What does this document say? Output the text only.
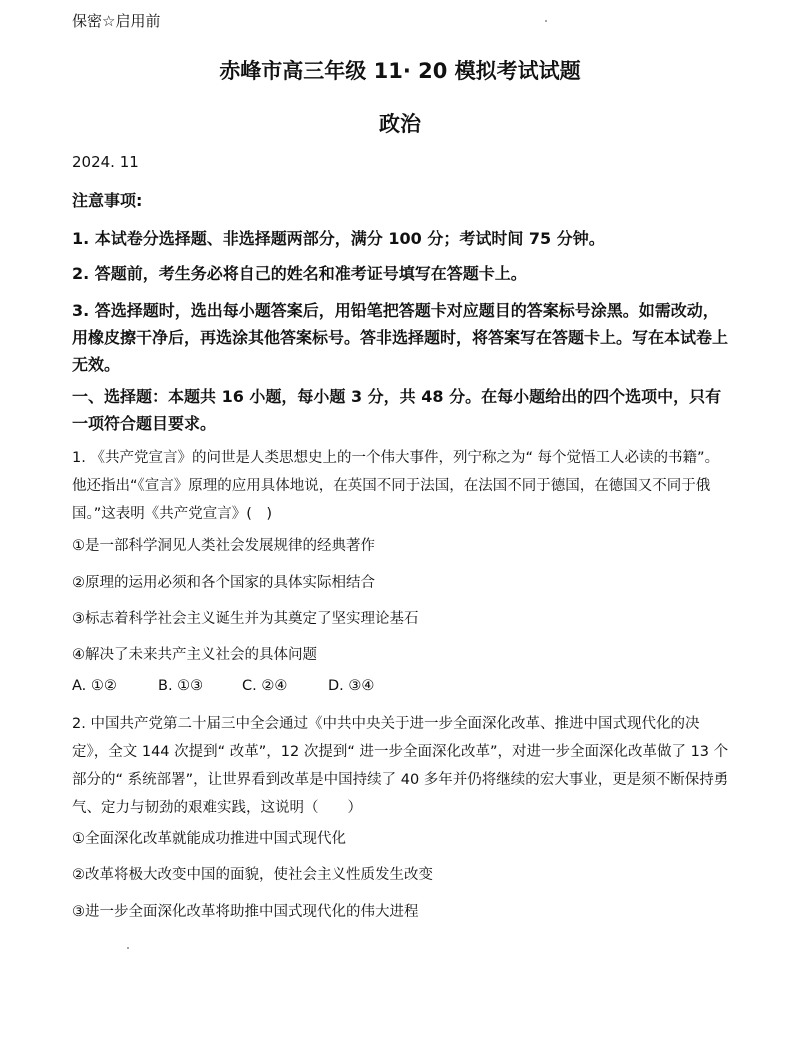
保密☆启用前
赤峰市高三年级 11· 20 模拟考试试题
政治
2024. 11
注意事项:
1. 本试卷分选择题、非选择题两部分，满分 100 分；考试时间 75 分钟。
2. 答题前，考生务必将自己的姓名和准考证号填写在答题卡上。
3. 答选择题时，选出每小题答案后，用铅笔把答题卡对应题目的答案标号涂黑。如需改动，用橡皮擦干净后，再选涂其他答案标号。答非选择题时，将答案写在答题卡上。写在本试卷上无效。
一、选择题：本题共 16 小题，每小题 3 分，共 48 分。在每小题给出的四个选项中，只有一项符合题目要求。
1. 《共产党宣言》的问世是人类思想史上的一个伟大事件，列宁称之为“ 每个觉悟工人必读的书籍”。他还指出“《宣言》原理的应用具体地说，在英国不同于法国，在法国不同于德国，在德国又不同于俄国。”这表明《共产党宣言》(　)
①是一部科学洞见人类社会发展规律的经典著作
②原理的运用必须和各个国家的具体实际相结合
③标志着科学社会主义诞生并为其奠定了坚实理论基石
④解决了未来共产主义社会的具体问题
A. ①②	B. ①③	C. ②④	D. ③④
2. 中国共产党第二十届三中全会通过《中共中央关于进一步全面深化改革、推进中国式现代化的决定》，全文 144 次提到“ 改革”，12 次提到“ 进一步全面深化改革”，对进一步全面深化改革做了 13 个部分的“ 系统部署”，让世界看到改革是中国持续了 40 多年并仍将继续的宏大事业，更是须不断保持勇气、定力与韧劲的艰难实践，这说明（　　）
①全面深化改革就能成功推进中国式现代化
②改革将极大改变中国的面貌，使社会主义性质发生改变
③进一步全面深化改革将助推中国式现代化的伟大进程
